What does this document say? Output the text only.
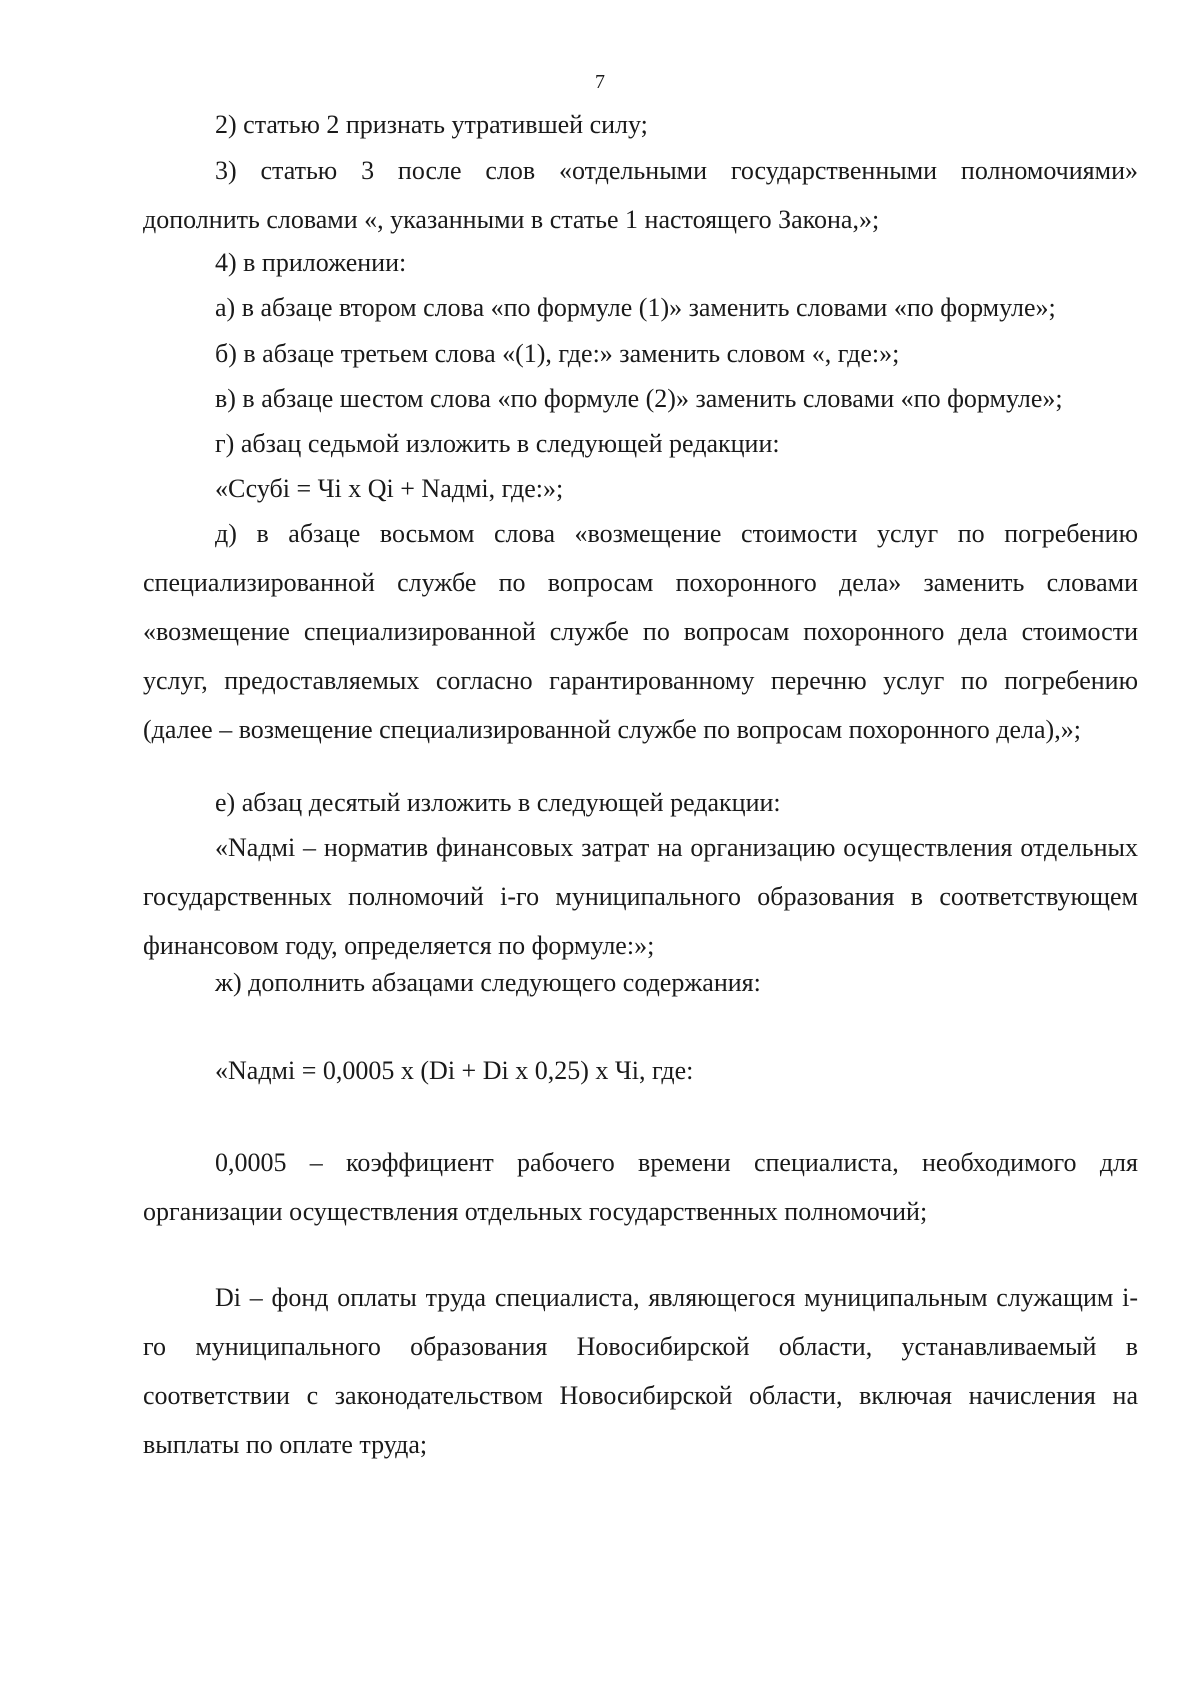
7

2) статью 2 признать утратившей силу;

3) статью 3 после слов «отдельными государственными полномочиями» дополнить словами «, указанными в статье 1 настоящего Закона,»;

4) в приложении:

а) в абзаце втором слова «по формуле (1)» заменить словами «по формуле»;

б) в абзаце третьем слова «(1), где:» заменить словом «, где:»;

в) в абзаце шестом слова «по формуле (2)» заменить словами «по формуле»;

г) абзац седьмой изложить в следующей редакции:

«Ссубi = Чi х Qi + Nадмi, где:»;

д) в абзаце восьмом слова «возмещение стоимости услуг по погребению специализированной службе по вопросам похоронного дела» заменить словами «возмещение специализированной службе по вопросам похоронного дела стоимости услуг, предоставляемых согласно гарантированному перечню услуг по погребению (далее – возмещение специализированной службе по вопросам похоронного дела),»;

е) абзац десятый изложить в следующей редакции:

«Nадмi – норматив финансовых затрат на организацию осуществления отдельных государственных полномочий i-го муниципального образования в соответствующем финансовом году, определяется по формуле:»;

ж) дополнить абзацами следующего содержания:

«Nадмi = 0,0005 х (Di + Di х 0,25) х Чi, где:

0,0005 – коэффициент рабочего времени специалиста, необходимого для организации осуществления отдельных государственных полномочий;

Di – фонд оплаты труда специалиста, являющегося муниципальным служащим i-го муниципального образования Новосибирской области, устанавливаемый в соответствии с законодательством Новосибирской области, включая начисления на выплаты по оплате труда;
